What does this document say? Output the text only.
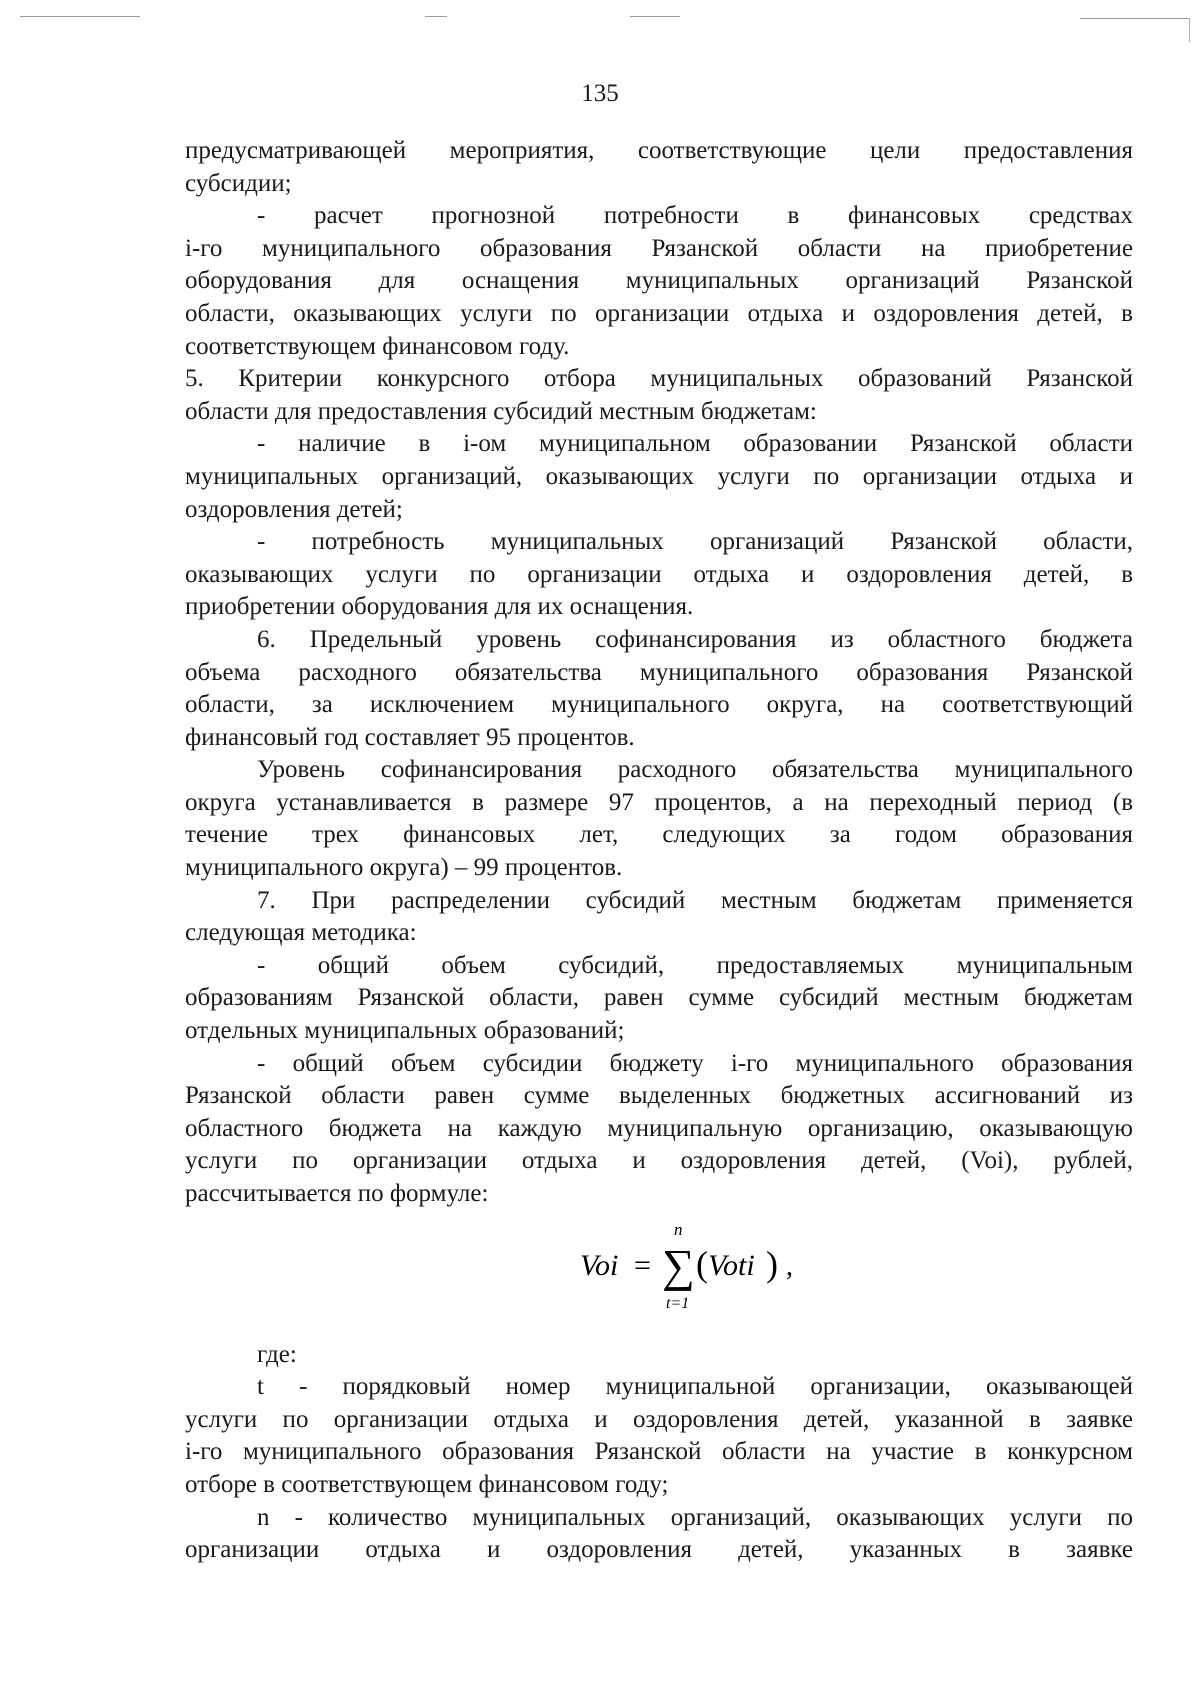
135

предусматривающей мероприятия, соответствующие цели предоставления

субсидии;

- расчет прогнозной потребности в финансовых средствах

i-го муниципального образования Рязанской области на приобретение

оборудования для оснащения муниципальных организаций Рязанской

области, оказывающих услуги по организации отдыха и оздоровления детей, в

соответствующем финансовом году.

5. Критерии конкурсного отбора муниципальных образований Рязанской

области для предоставления субсидий местным бюджетам:

- наличие в i-ом муниципальном образовании Рязанской области

муниципальных организаций, оказывающих услуги по организации отдыха и

оздоровления детей;

- потребность муниципальных организаций Рязанской области,

оказывающих услуги по организации отдыха и оздоровления детей, в

приобретении оборудования для их оснащения.

6. Предельный уровень софинансирования из областного бюджета

объема расходного обязательства муниципального образования Рязанской

области, за исключением муниципального округа, на соответствующий

финансовый год составляет 95 процентов.

Уровень софинансирования расходного обязательства муниципального

округа устанавливается в размере 97 процентов, а на переходный период (в

течение трех финансовых лет, следующих за годом образования

муниципального округа) – 99 процентов.

7. При распределении субсидий местным бюджетам применяется

следующая методика:

- общий объем субсидий, предоставляемых муниципальным

образованиям Рязанской области, равен сумме субсидий местным бюджетам

отдельных муниципальных образований;

- общий объем субсидии бюджету i-го муниципального образования

Рязанской области равен сумме выделенных бюджетных ассигнований из

областного бюджета на каждую муниципальную организацию, оказывающую

услуги по организации отдыха и оздоровления детей, (Voi), рублей,

рассчитывается по формуле:

Voi = ∑
n
t=1
( Voti ) ,

где:

t - порядковый номер муниципальной организации, оказывающей

услуги по организации отдыха и оздоровления детей, указанной в заявке

i-го муниципального образования Рязанской области на участие в конкурсном

отборе в соответствующем финансовом году;

n - количество муниципальных организаций, оказывающих услуги по

организации отдыха и оздоровления детей, указанных в заявке
